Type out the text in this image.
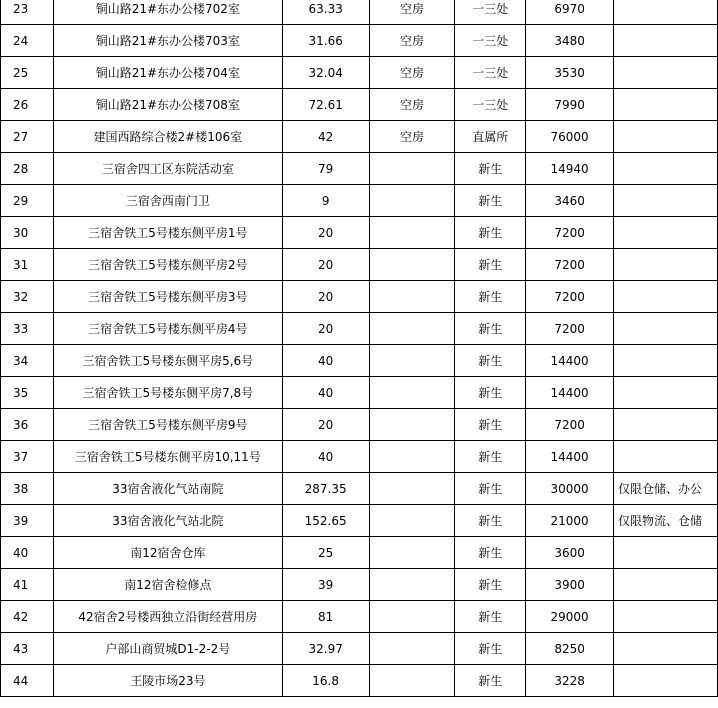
23	铜山路21#东办公楼702室	63.33	空房	一三处	6970	
24	铜山路21#东办公楼703室	31.66	空房	一三处	3480	
25	铜山路21#东办公楼704室	32.04	空房	一三处	3530	
26	铜山路21#东办公楼708室	72.61	空房	一三处	7990	
27	建国西路综合楼2#楼106室	42	空房	直属所	76000	
28	三宿舍四工区东院活动室	79		新生	14940	
29	三宿舍西南门卫	9		新生	3460	
30	三宿舍铁工5号楼东侧平房1号	20		新生	7200	
31	三宿舍铁工5号楼东侧平房2号	20		新生	7200	
32	三宿舍铁工5号楼东侧平房3号	20		新生	7200	
33	三宿舍铁工5号楼东侧平房4号	20		新生	7200	
34	三宿舍铁工5号楼东侧平房5,6号	40		新生	14400	
35	三宿舍铁工5号楼东侧平房7,8号	40		新生	14400	
36	三宿舍铁工5号楼东侧平房9号	20		新生	7200	
37	三宿舍铁工5号楼东侧平房10,11号	40		新生	14400	
38	33宿舍液化气站南院	287.35		新生	30000	仅限仓储、办公
39	33宿舍液化气站北院	152.65		新生	21000	仅限物流、仓储
40	南12宿舍仓库	25		新生	3600	
41	南12宿舍检修点	39		新生	3900	
42	42宿舍2号楼西独立沿街经营用房	81		新生	29000	
43	户部山商贸城D1-2-2号	32.97		新生	8250	
44	王陵市场23号	16.8		新生	3228	
